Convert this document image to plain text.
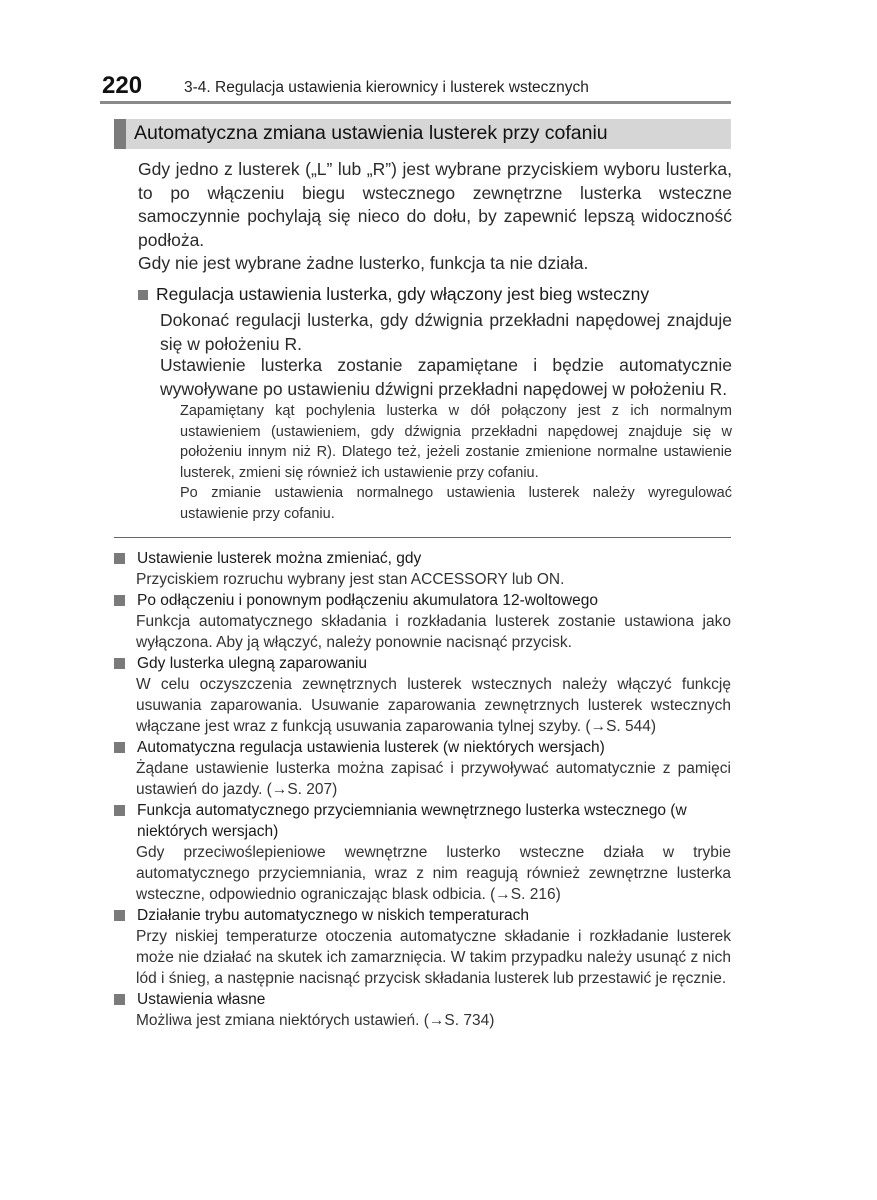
220	3-4. Regulacja ustawienia kierownicy i lusterek wstecznych
Automatyczna zmiana ustawienia lusterek przy cofaniu
Gdy jedno z lusterek („L” lub „R”) jest wybrane przyciskiem wyboru lusterka, to po włączeniu biegu wstecznego zewnętrzne lusterka wsteczne samoczynnie pochylają się nieco do dołu, by zapewnić lepszą widoczność podłoża.
Gdy nie jest wybrane żadne lusterko, funkcja ta nie działa.
Regulacja ustawienia lusterka, gdy włączony jest bieg wsteczny
Dokonać regulacji lusterka, gdy dźwignia przekładni napędowej znajduje się w położeniu R.
Ustawienie lusterka zostanie zapamiętane i będzie automatycznie wywoływane po ustawieniu dźwigni przekładni napędowej w położeniu R.
Zapamiętany kąt pochylenia lusterka w dół połączony jest z ich normalnym ustawieniem (ustawieniem, gdy dźwignia przekładni napędowej znajduje się w położeniu innym niż R). Dlatego też, jeżeli zostanie zmienione normalne ustawienie lusterek, zmieni się również ich ustawienie przy cofaniu.
Po zmianie ustawienia normalnego ustawienia lusterek należy wyregulować ustawienie przy cofaniu.
Ustawienie lusterek można zmieniać, gdy
Przyciskiem rozruchu wybrany jest stan ACCESSORY lub ON.
Po odłączeniu i ponownym podłączeniu akumulatora 12-woltowego
Funkcja automatycznego składania i rozkładania lusterek zostanie ustawiona jako wyłączona. Aby ją włączyć, należy ponownie nacisnąć przycisk.
Gdy lusterka ulegną zaparowaniu
W celu oczyszczenia zewnętrznych lusterek wstecznych należy włączyć funkcję usuwania zaparowania. Usuwanie zaparowania zewnętrznych lusterek wstecznych włączane jest wraz z funkcją usuwania zaparowania tylnej szyby. (→S. 544)
Automatyczna regulacja ustawienia lusterek (w niektórych wersjach)
Żądane ustawienie lusterka można zapisać i przywoływać automatycznie z pamięci ustawień do jazdy. (→S. 207)
Funkcja automatycznego przyciemniania wewnętrznego lusterka wstecznego (w niektórych wersjach)
Gdy przeciwoślepieniowe wewnętrzne lusterko wsteczne działa w trybie automatycznego przyciemniania, wraz z nim reagują również zewnętrzne lusterka wsteczne, odpowiednio ograniczając blask odbicia. (→S. 216)
Działanie trybu automatycznego w niskich temperaturach
Przy niskiej temperaturze otoczenia automatyczne składanie i rozkładanie lusterek może nie działać na skutek ich zamarznięcia. W takim przypadku należy usunąć z nich lód i śnieg, a następnie nacisnąć przycisk składania lusterek lub przestawić je ręcznie.
Ustawienia własne
Możliwa jest zmiana niektórych ustawień. (→S. 734)
